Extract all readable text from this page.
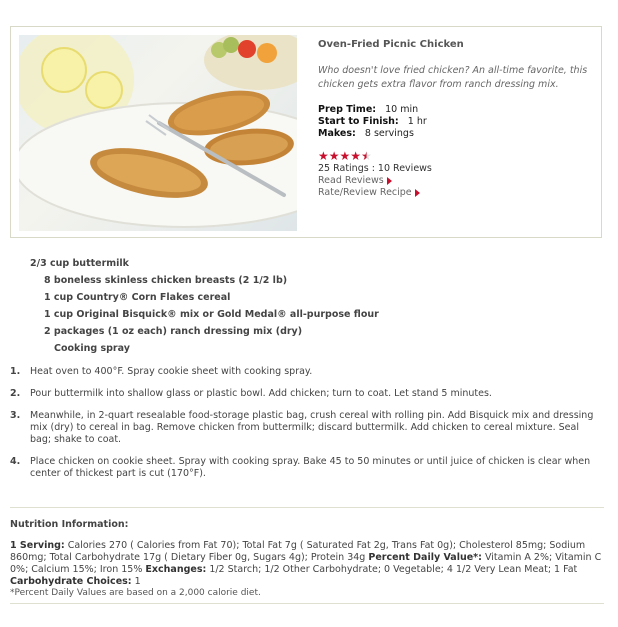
Oven-Fried Picnic Chicken
Who doesn't love fried chicken? An all-time favorite, this chicken gets extra flavor from ranch dressing mix.
Prep Time: 10 min
Start to Finish: 1 hr
Makes: 8 servings
★★★★★
25 Ratings : 10 Reviews
Read Reviews
Rate/Review Recipe
2/3 cup buttermilk
8 boneless skinless chicken breasts (2 1/2 lb)
1 cup Country® Corn Flakes cereal
1 cup Original Bisquick® mix or Gold Medal® all-purpose flour
2 packages (1 oz each) ranch dressing mix (dry)
Cooking spray
1.	Heat oven to 400°F. Spray cookie sheet with cooking spray.
2.	Pour buttermilk into shallow glass or plastic bowl. Add chicken; turn to coat. Let stand 5 minutes.
3.	Meanwhile, in 2-quart resealable food-storage plastic bag, crush cereal with rolling pin. Add Bisquick mix and dressing mix (dry) to cereal in bag. Remove chicken from buttermilk; discard buttermilk. Add chicken to cereal mixture. Seal bag; shake to coat.
4.	Place chicken on cookie sheet. Spray with cooking spray. Bake 45 to 50 minutes or until juice of chicken is clear when center of thickest part is cut (170°F).
Nutrition Information:
1 Serving: Calories 270 ( Calories from Fat 70); Total Fat 7g ( Saturated Fat 2g, Trans Fat 0g); Cholesterol 85mg; Sodium 860mg; Total Carbohydrate 17g ( Dietary Fiber 0g, Sugars 4g); Protein 34g Percent Daily Value*: Vitamin A 2%; Vitamin C 0%; Calcium 15%; Iron 15% Exchanges: 1/2 Starch; 1/2 Other Carbohydrate; 0 Vegetable; 4 1/2 Very Lean Meat; 1 Fat Carbohydrate Choices: 1
*Percent Daily Values are based on a 2,000 calorie diet.
